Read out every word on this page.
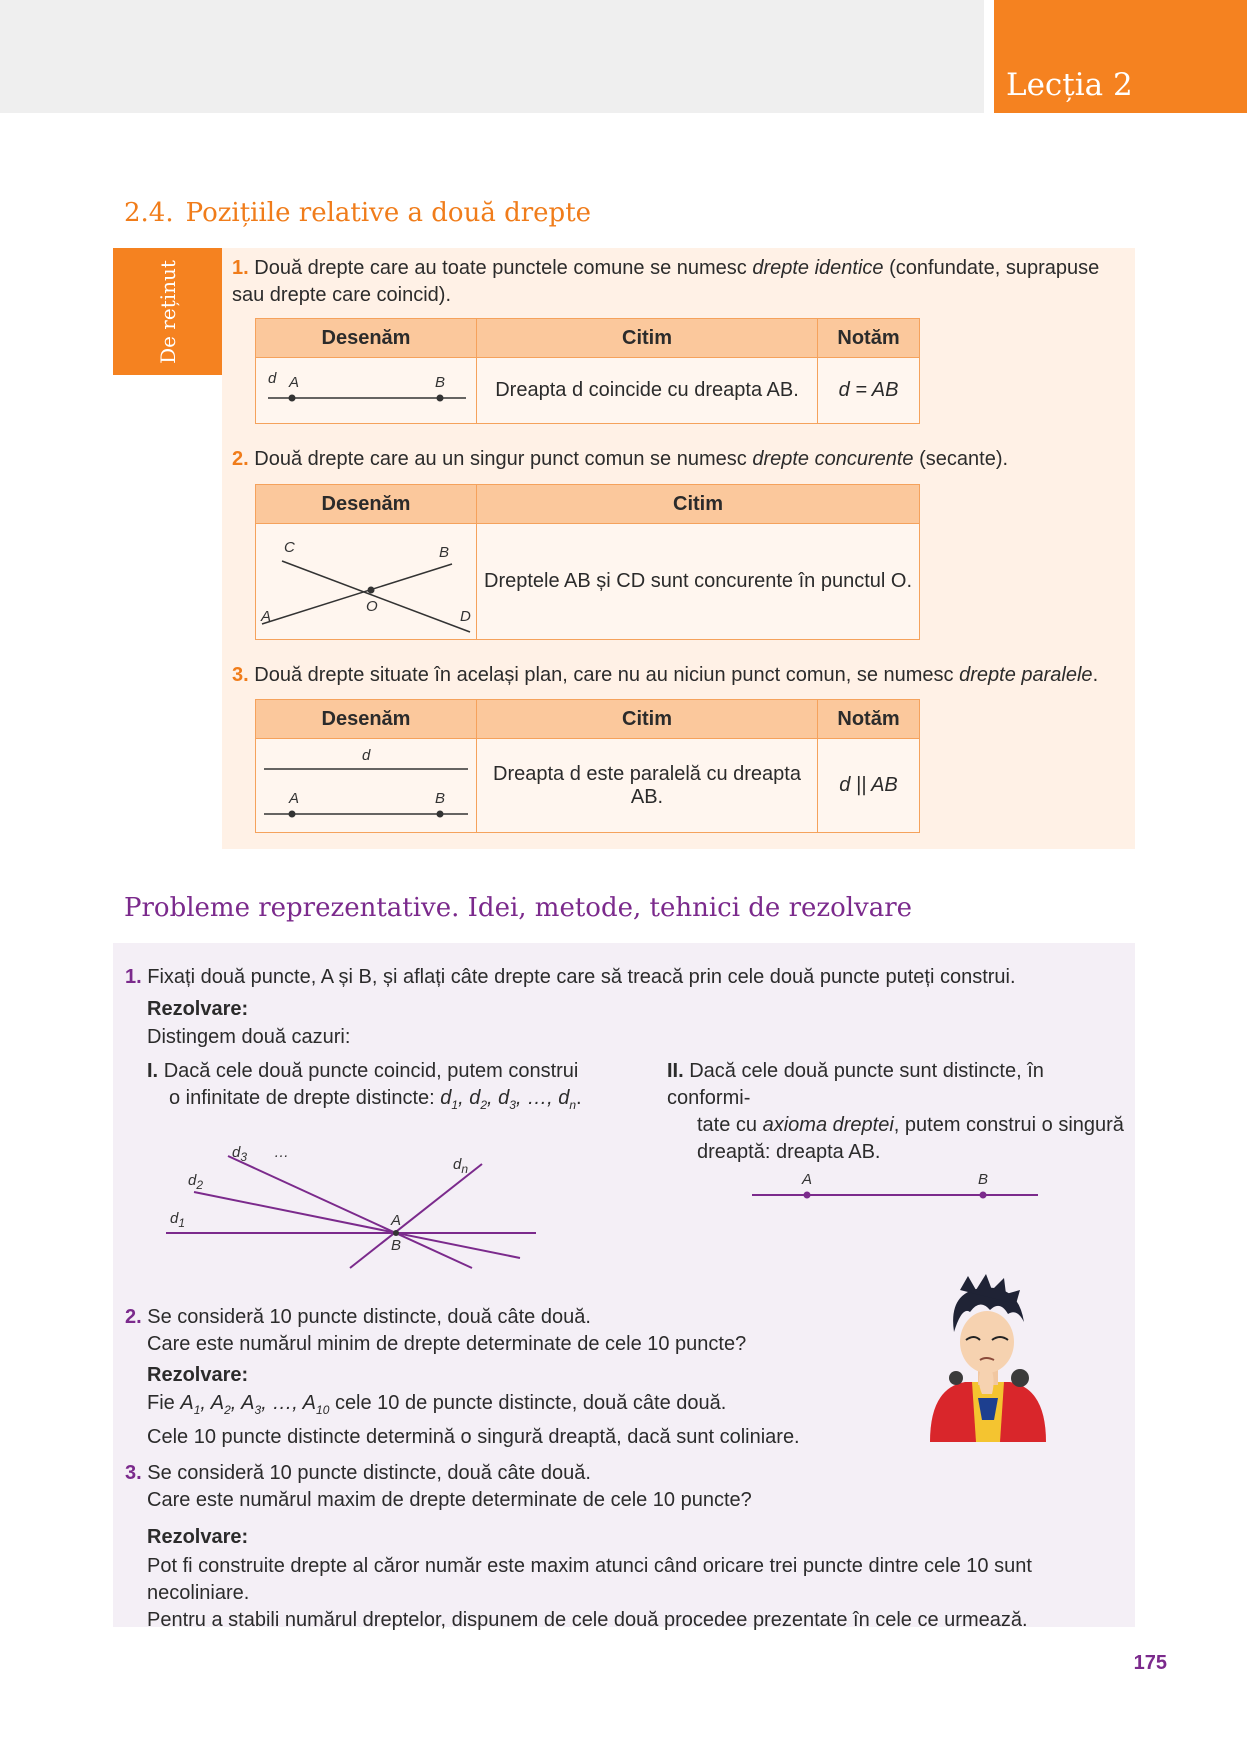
Lecția 2
2.4. Pozițiile relative a două drepte
De reținut	1. Două drepte care au toate punctele comune se numesc drepte identice (confundate, suprapuse sau drepte care coincid).
Desenăm	Citim	Notăm

d A B	Dreapta d coincide cu dreapta AB.	d = AB
2. Două drepte care au un singur punct comun se numesc drepte concurente (secante).
Desenăm	Citim

C B
A
O
D	Dreptele AB și CD sunt concurente în punctul O.
3. Două drepte situate în același plan, care nu au niciun punct comun, se numesc drepte paralele.
Desenăm	Citim	Notăm

d
A B	Dreapta d este paralelă cu dreapta AB.	d || AB
Probleme reprezentative. Idei, metode, tehnici de rezolvare
1. Fixați două puncte, A și B, și aflați câte drepte care să treacă prin cele două puncte puteți construi.
Rezolvare:
Distingem două cazuri:
I. Dacă cele două puncte coincid, putem construi
o infinitate de drepte distincte: $d_1$, $d_2$, $d_3$, …, $d_n$.
II. Dacă cele două puncte sunt distincte, în conformi-
tate cu axioma dreptei, putem construi o singură
dreaptă: dreapta AB.
$d_1$
$d_2$
$d_3$ …
$d_n$
A
B
A	B
2. Se consideră 10 puncte distincte, două câte două.
Care este numărul minim de drepte determinate de cele 10 puncte?
Rezolvare:
Fie $A_1$, $A_2$, $A_3$, …, $A_{10}$ cele 10 de puncte distincte, două câte două.
Cele 10 puncte distincte determină o singură dreaptă, dacă sunt coliniare.
3. Se consideră 10 puncte distincte, două câte două.
Care este numărul maxim de drepte determinate de cele 10 puncte?
Rezolvare:
Pot fi construite drepte al căror număr este maxim atunci când oricare trei puncte dintre cele 10 sunt necoliniare.
Pentru a stabili numărul dreptelor, dispunem de cele două procedee prezentate în cele ce urmează.
175
